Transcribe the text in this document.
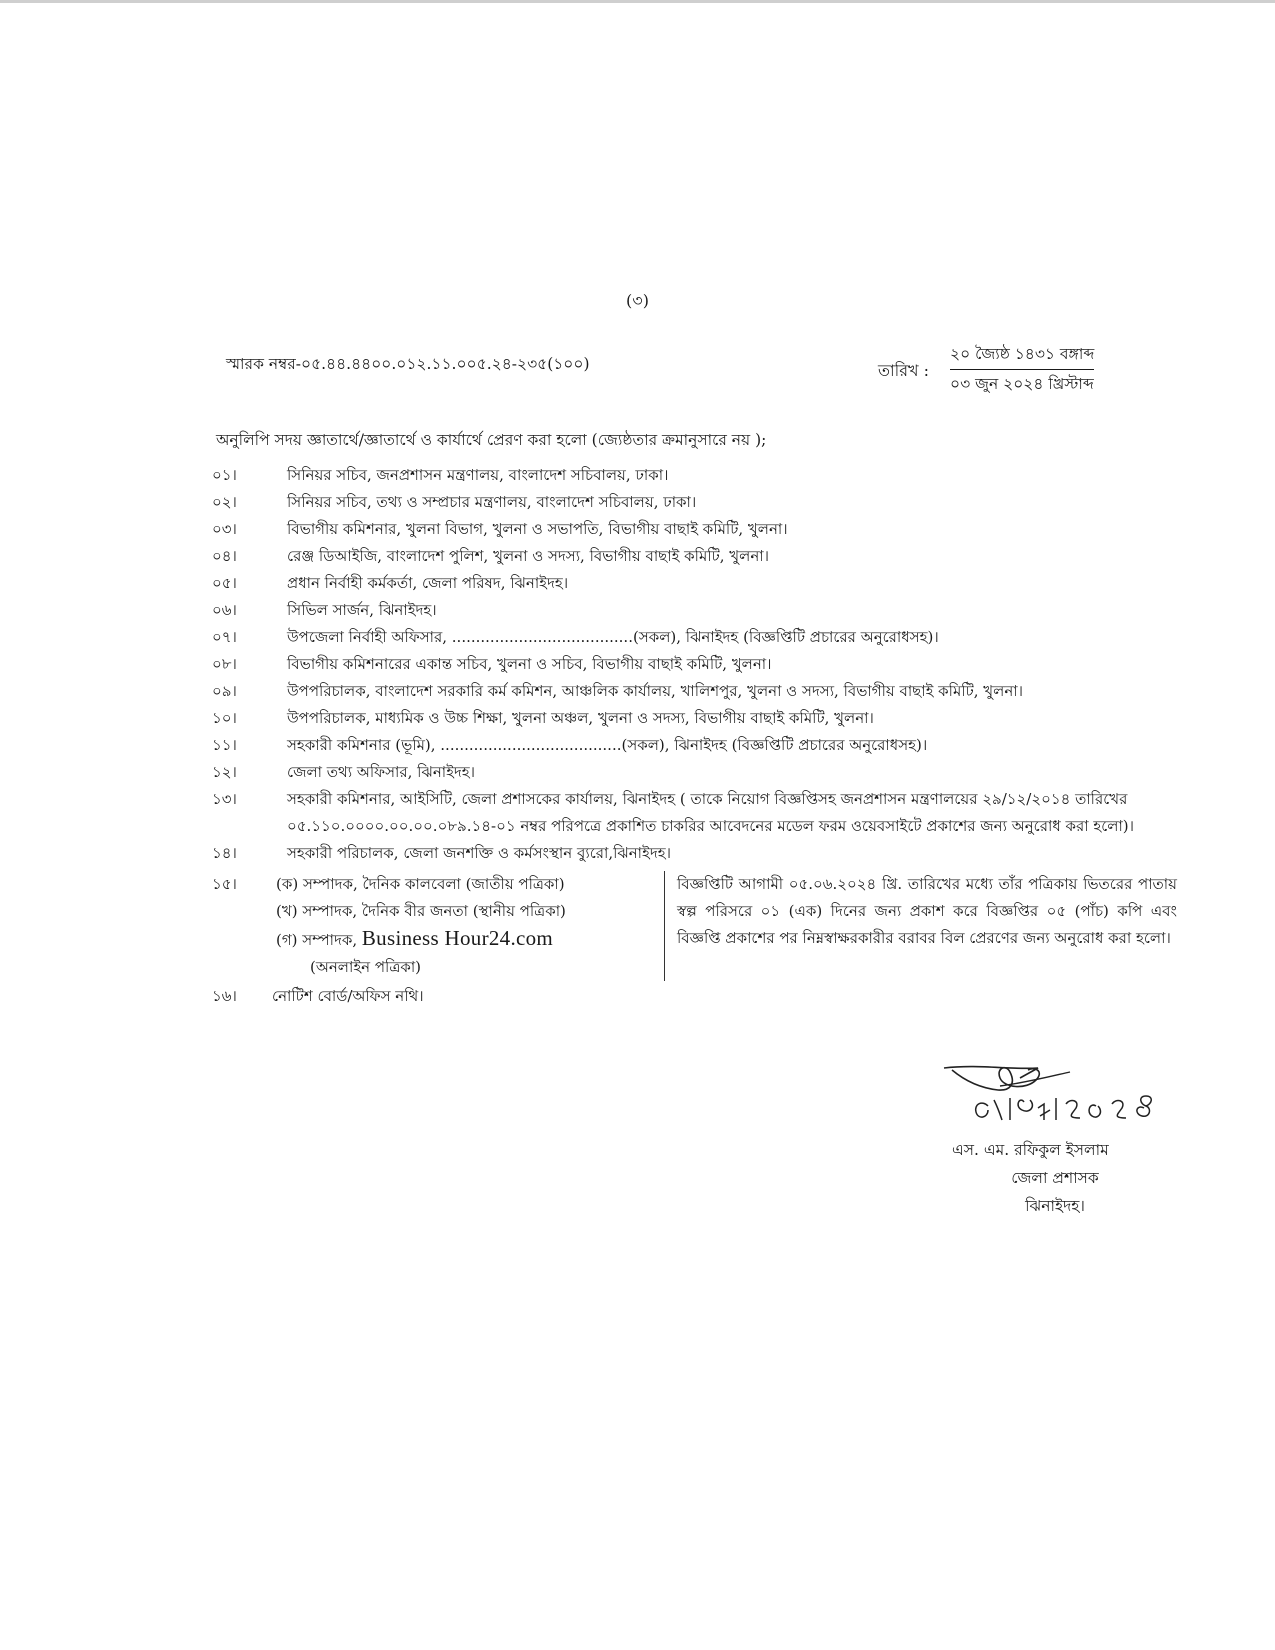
(৩)
স্মারক নম্বর-০৫.৪৪.৪৪০০.০১২.১১.০০৫.২৪-২৩৫(১০০)	তারিখ :
২০ জ্যৈষ্ঠ ১৪৩১ বঙ্গাব্দ
০৩ জুন ২০২৪ খ্রিস্টাব্দ
অনুলিপি সদয় জ্ঞাতার্থে/জ্ঞাতার্থে ও কার্যার্থে প্রেরণ করা হলো (জ্যেষ্ঠতার ক্রমানুসারে নয় );
০১।	সিনিয়র সচিব, জনপ্রশাসন মন্ত্রণালয়, বাংলাদেশ সচিবালয়, ঢাকা।
০২।	সিনিয়র সচিব, তথ্য ও সম্প্রচার মন্ত্রণালয়, বাংলাদেশ সচিবালয়, ঢাকা।
০৩।	বিভাগীয় কমিশনার, খুলনা বিভাগ, খুলনা ও সভাপতি, বিভাগীয় বাছাই কমিটি, খুলনা।
০৪।	রেঞ্জ ডিআইজি, বাংলাদেশ পুলিশ, খুলনা ও সদস্য, বিভাগীয় বাছাই কমিটি, খুলনা।
০৫।	প্রধান নির্বাহী কর্মকর্তা, জেলা পরিষদ, ঝিনাইদহ।
০৬।	সিভিল সার্জন, ঝিনাইদহ।
০৭।	উপজেলা নির্বাহী অফিসার, ......................................(সকল), ঝিনাইদহ (বিজ্ঞপ্তিটি প্রচারের অনুরোধসহ)।
০৮।	বিভাগীয় কমিশনারের একান্ত সচিব, খুলনা ও সচিব, বিভাগীয় বাছাই কমিটি, খুলনা।
০৯।	উপপরিচালক, বাংলাদেশ সরকারি কর্ম কমিশন, আঞ্চলিক কার্যালয়, খালিশপুর, খুলনা ও সদস্য, বিভাগীয় বাছাই কমিটি, খুলনা।
১০।	উপপরিচালক, মাধ্যমিক ও উচ্চ শিক্ষা, খুলনা অঞ্চল, খুলনা ও সদস্য, বিভাগীয় বাছাই কমিটি, খুলনা।
১১।	সহকারী কমিশনার (ভূমি), ......................................(সকল), ঝিনাইদহ (বিজ্ঞপ্তিটি প্রচারের অনুরোধসহ)।
১২।	জেলা তথ্য অফিসার, ঝিনাইদহ।
১৩।	সহকারী কমিশনার, আইসিটি, জেলা প্রশাসকের কার্যালয়, ঝিনাইদহ ( তাকে নিয়োগ বিজ্ঞপ্তিসহ জনপ্রশাসন মন্ত্রণালয়ের ২৯/১২/২০১৪ তারিখের ০৫.১১০.০০০০.০০.০০.০৮৯.১৪-০১ নম্বর পরিপত্রে প্রকাশিত চাকরির আবেদনের মডেল ফরম ওয়েবসাইটে প্রকাশের জন্য অনুরোধ করা হলো)।
১৪।	সহকারী পরিচালক, জেলা জনশক্তি ও কর্মসংস্থান ব্যুরো,ঝিনাইদহ।
১৫।	(ক) সম্পাদক, দৈনিক কালবেলা (জাতীয় পত্রিকা)
(খ) সম্পাদক, দৈনিক বীর জনতা (স্থানীয় পত্রিকা)
(গ) সম্পাদক, Business Hour24.com
(অনলাইন পত্রিকা)
বিজ্ঞপ্তিটি আগামী ০৫.০৬.২০২৪ খ্রি. তারিখের মধ্যে তাঁর পত্রিকায় ভিতরের পাতায় স্বল্প পরিসরে ০১ (এক) দিনের জন্য প্রকাশ করে বিজ্ঞপ্তির ০৫ (পাঁচ) কপি এবং বিজ্ঞপ্তি প্রকাশের পর নিম্নস্বাক্ষরকারীর বরাবর বিল প্রেরণের জন্য অনুরোধ করা হলো।
১৬। নোটিশ বোর্ড/অফিস নথি।
এস. এম. রফিকুল ইসলাম
জেলা প্রশাসক
ঝিনাইদহ।
